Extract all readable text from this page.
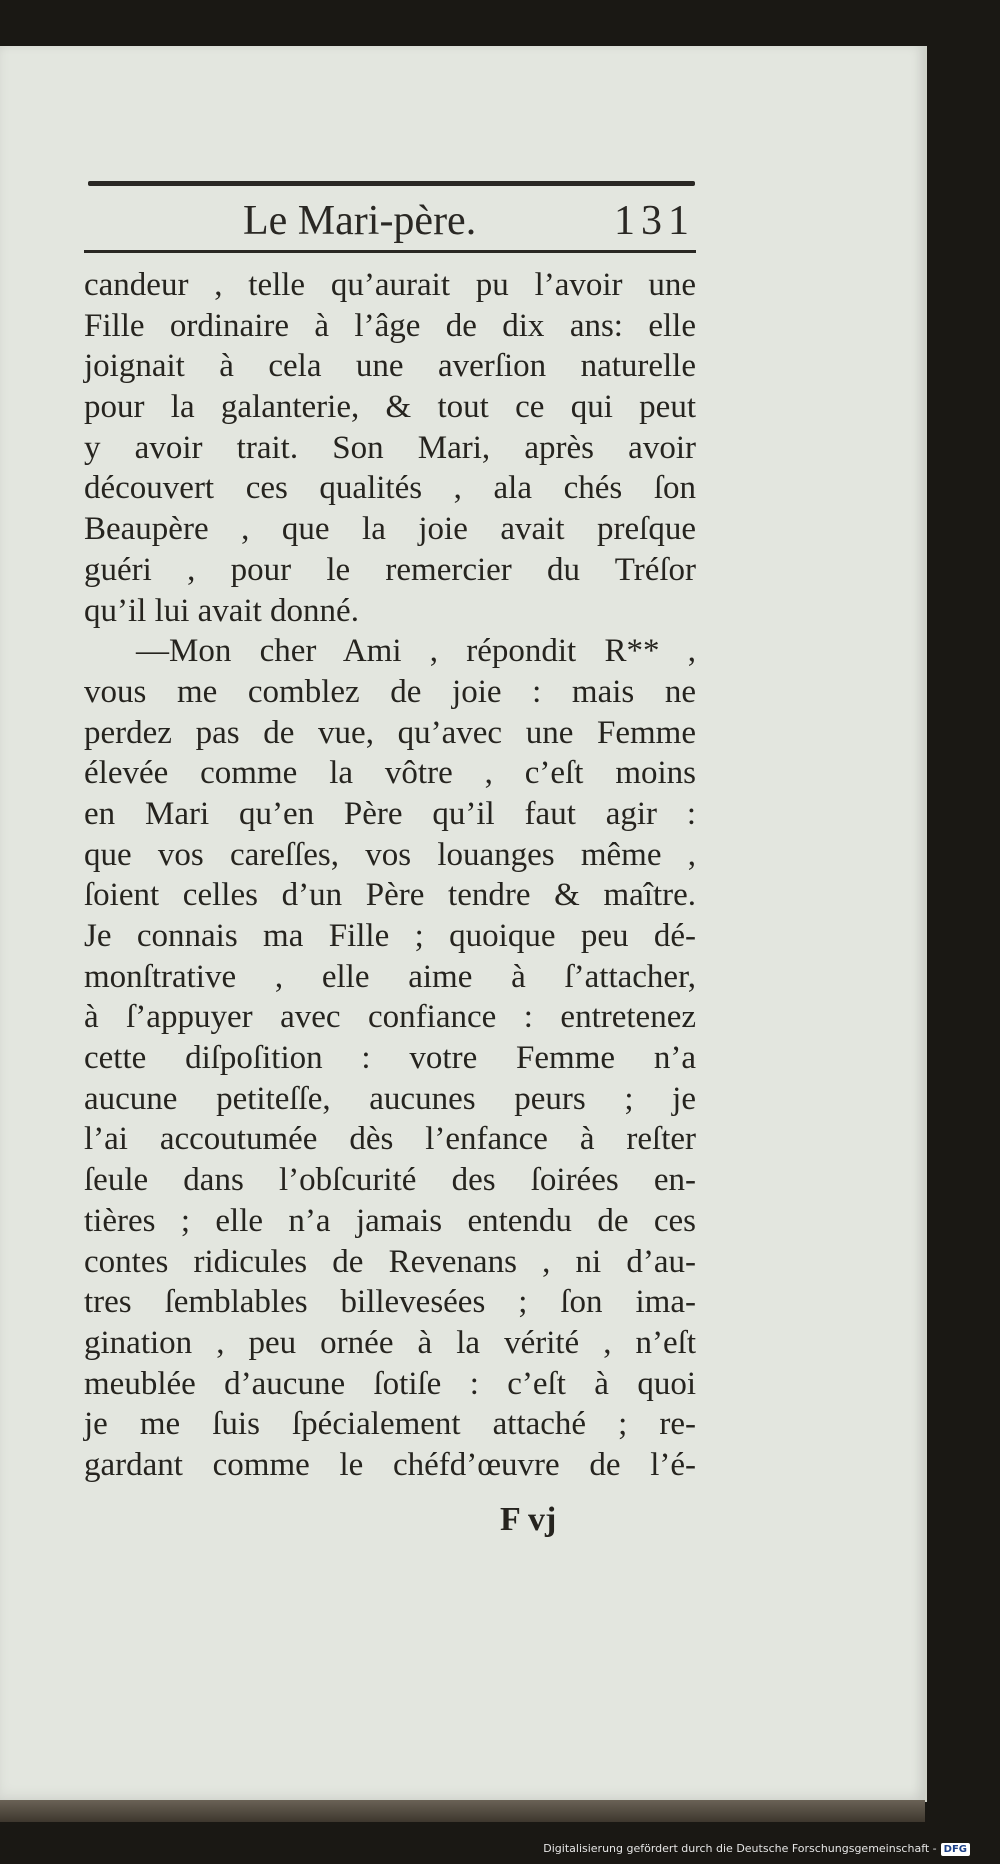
Le Mari-père.	131
candeur , telle qu’aurait pu l’avoir une
Fille ordinaire à l’âge de dix ans: elle
joignait à cela une averſion naturelle
pour la galanterie, & tout ce qui peut
y avoir trait. Son Mari, après avoir
découvert ces qualités , ala chés ſon
Beaupère , que la joie avait preſque
guéri , pour le remercier du Tréſor
qu’il lui avait donné.
—Mon cher Ami , répondit R** ,
vous me comblez de joie : mais ne
perdez pas de vue, qu’avec une Femme
élevée comme la vôtre , c’eſt moins
en Mari qu’en Père qu’il faut agir :
que vos careſſes, vos louanges même ,
ſoient celles d’un Père tendre & maître.
Je connais ma Fille ; quoique peu dé-
monſtrative , elle aime à ſ’attacher,
à ſ’appuyer avec confiance : entretenez
cette diſpoſition : votre Femme n’a
aucune petiteſſe, aucunes peurs ; je
l’ai accoutumée dès l’enfance à reſter
ſeule dans l’obſcurité des ſoirées en-
tières ; elle n’a jamais entendu de ces
contes ridicules de Revenans , ni d’au-
tres ſemblables billevesées ; ſon ima-
gination , peu ornée à la vérité , n’eſt
meublée d’aucune ſotiſe : c’eſt à quoi
je me ſuis ſpécialement attaché ; re-
gardant comme le chéfd’œuvre de l’é-
F vj
Digitalisierung gefördert durch die Deutsche Forschungsgemeinschaft - DFG
